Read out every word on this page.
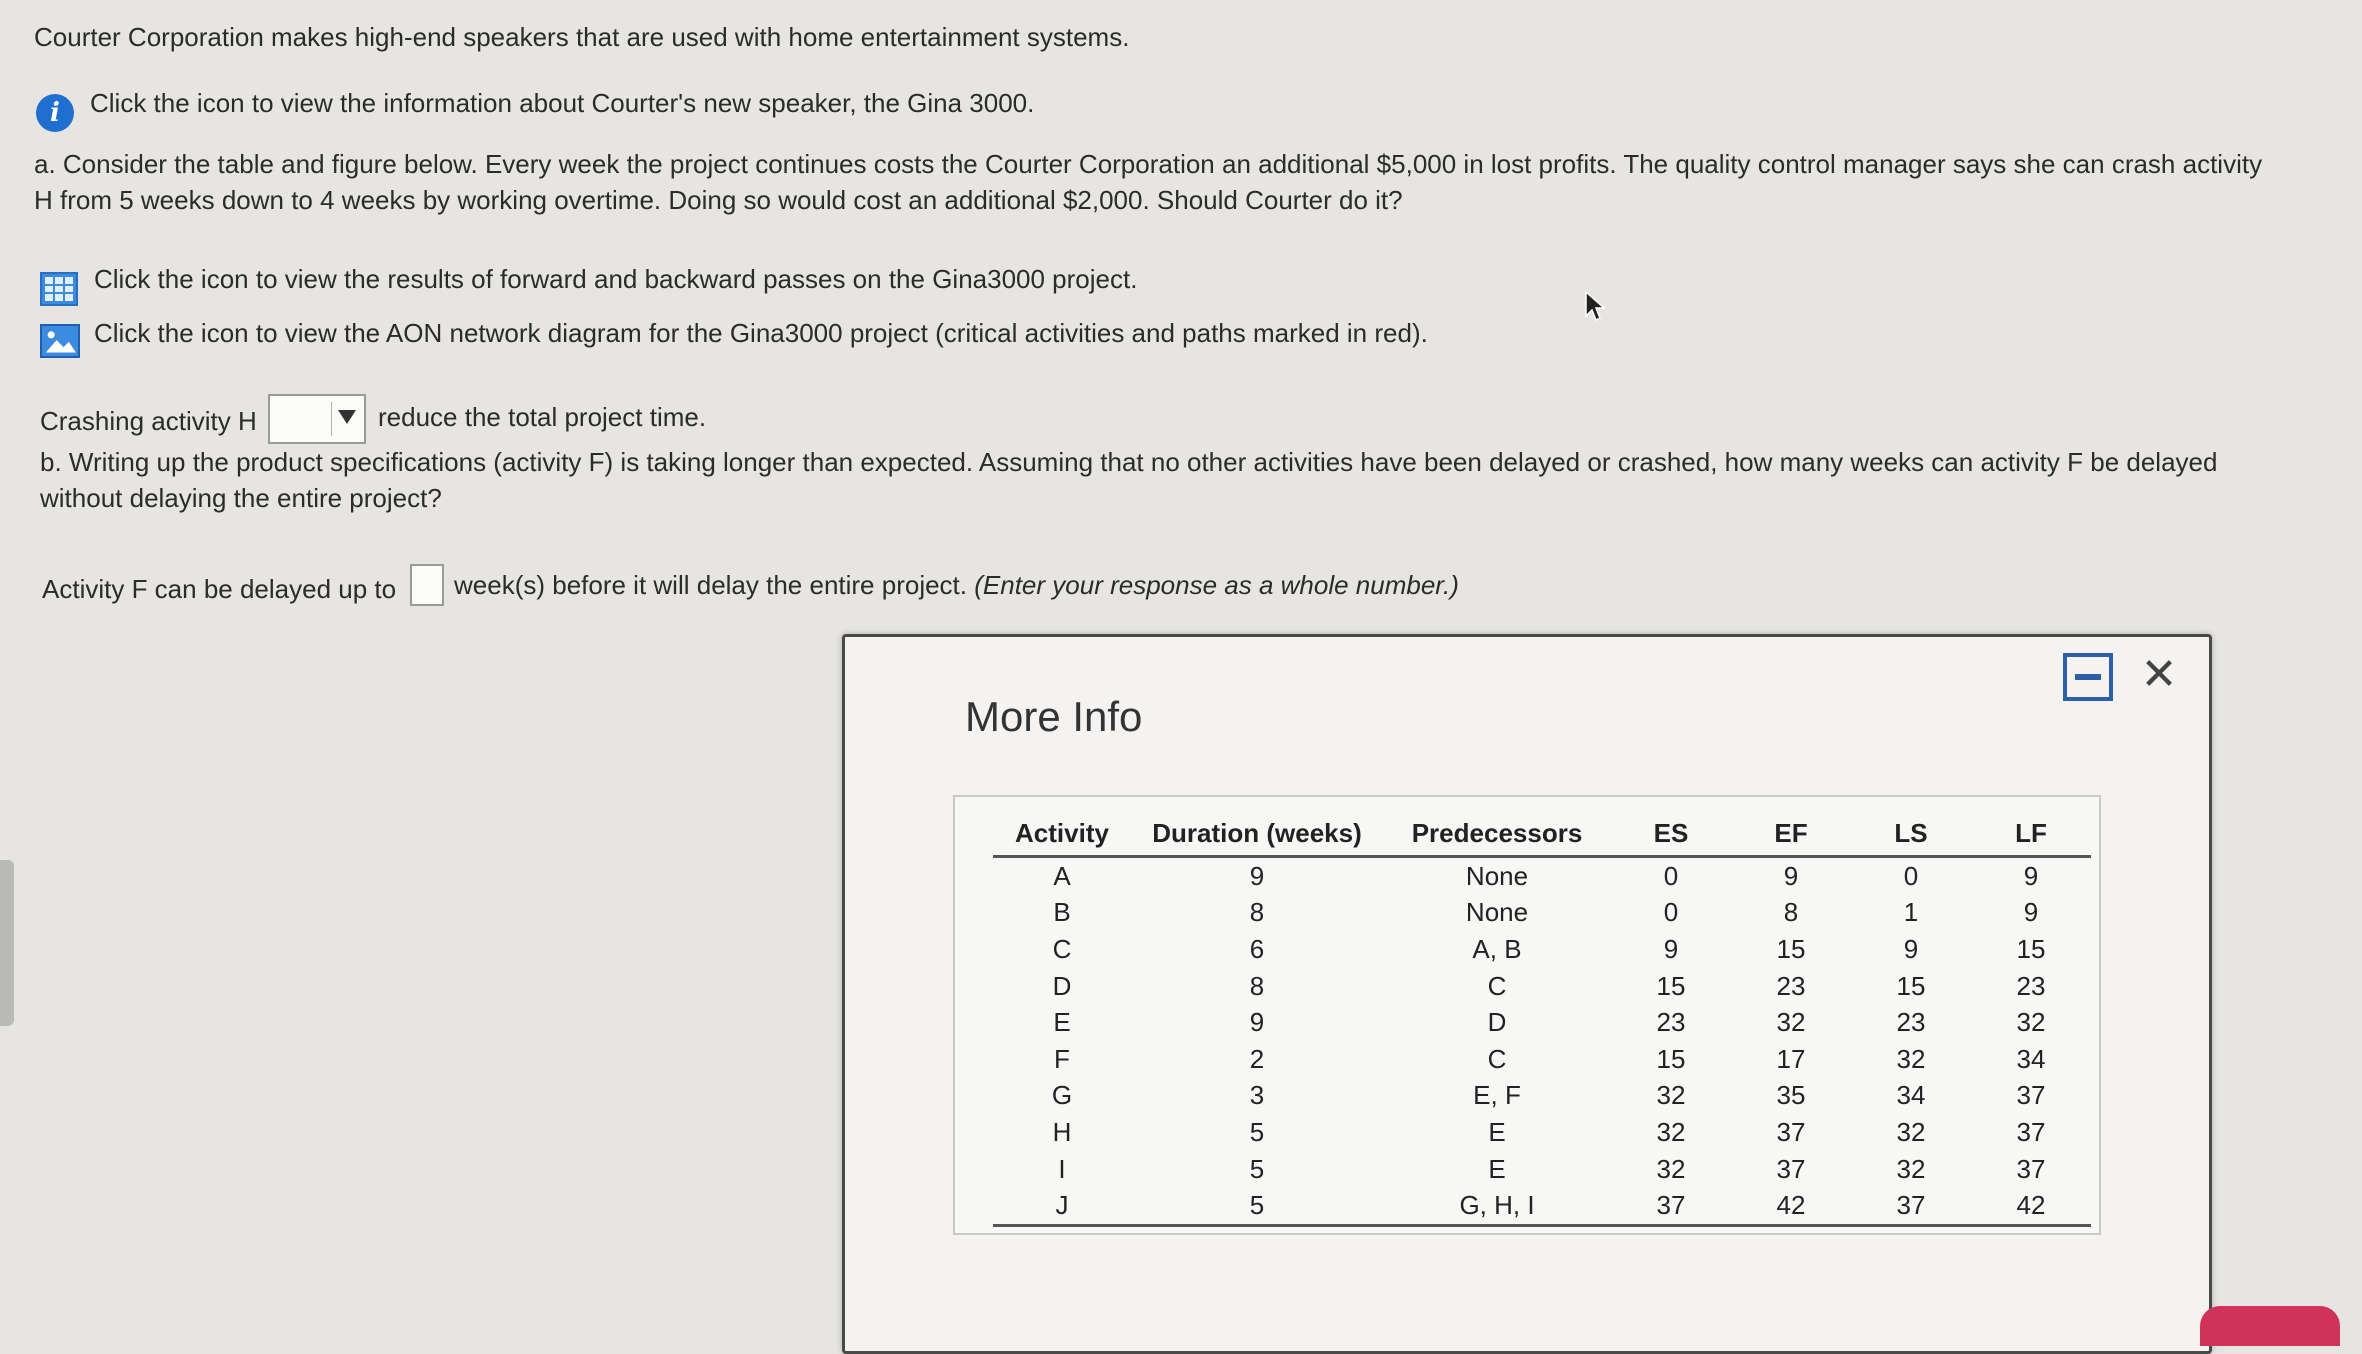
Courter Corporation makes high-end speakers that are used with home entertainment systems.
i	Click the icon to view the information about Courter's new speaker, the Gina 3000.
a. Consider the table and figure below. Every week the project continues costs the Courter Corporation an additional $5,000 in lost profits. The quality control manager says she can crash activity
H from 5 weeks down to 4 weeks by working overtime. Doing so would cost an additional $2,000. Should Courter do it?
Click the icon to view the results of forward and backward passes on the Gina3000 project.
Click the icon to view the AON network diagram for the Gina3000 project (critical activities and paths marked in red).
Crashing activity H	reduce the total project time.
b. Writing up the product specifications (activity F) is taking longer than expected. Assuming that no other activities have been delayed or crashed, how many weeks can activity F be delayed
without delaying the entire project?
Activity F can be delayed up to week(s) before it will delay the entire project. (Enter your response as a whole number.)
More Info
✕
Activity	Duration (weeks)	Predecessors	ES	EF	LS	LF
A	9	None	0	9	0	9
B	8	None	0	8	1	9
C	6	A, B	9	15	9	15
D	8	C	15	23	15	23
E	9	D	23	32	23	32
F	2	C	15	17	32	34
G	3	E, F	32	35	34	37
H	5	E	32	37	32	37
I	5	E	32	37	32	37
J	5	G, H, I	37	42	37	42
